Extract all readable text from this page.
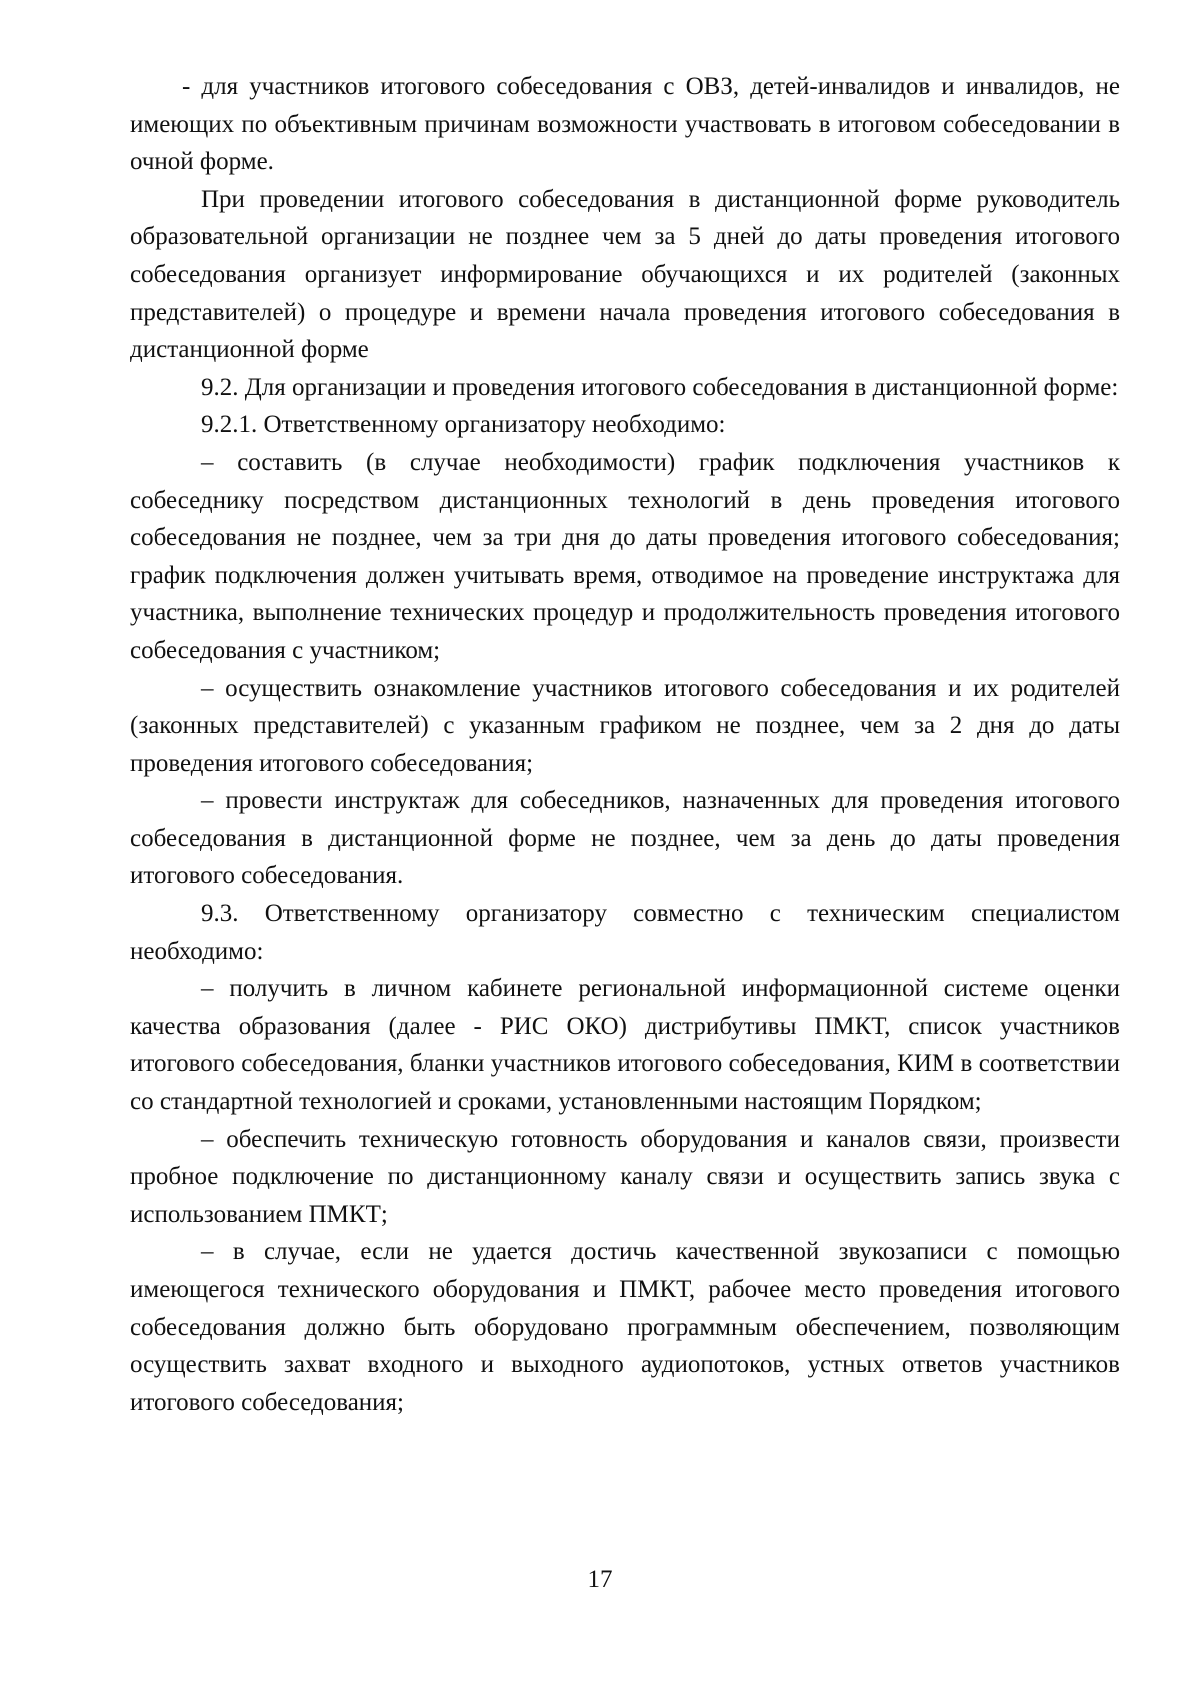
- для участников итогового собеседования с ОВЗ, детей-инвалидов и инвалидов, не имеющих по объективным причинам возможности участвовать в итоговом собеседовании в очной форме.

При проведении итогового собеседования в дистанционной форме руководитель образовательной организации не позднее чем за 5 дней до даты проведения итогового собеседования организует информирование обучающихся и их родителей (законных представителей) о процедуре и времени начала проведения итогового собеседования в дистанционной форме

9.2. Для организации и проведения итогового собеседования в дистанционной форме:

9.2.1. Ответственному организатору необходимо:

– составить (в случае необходимости) график подключения участников к собеседнику посредством дистанционных технологий в день проведения итогового собеседования не позднее, чем за три дня до даты проведения итогового собеседования; график подключения должен учитывать время, отводимое на проведение инструктажа для участника, выполнение технических процедур и продолжительность проведения итогового собеседования с участником;

– осуществить ознакомление участников итогового собеседования и их родителей (законных представителей) с указанным графиком не позднее, чем за 2 дня до даты проведения итогового собеседования;

– провести инструктаж для собеседников, назначенных для проведения итогового собеседования в дистанционной форме не позднее, чем за день до даты проведения итогового собеседования.

9.3. Ответственному организатору совместно с техническим специалистом необходимо:

– получить в личном кабинете региональной информационной системе оценки качества образования (далее - РИС ОКО) дистрибутивы ПМКТ, список участников итогового собеседования, бланки участников итогового собеседования, КИМ в соответствии со стандартной технологией и сроками, установленными настоящим Порядком;

– обеспечить техническую готовность оборудования и каналов связи, произвести пробное подключение по дистанционному каналу связи и осуществить запись звука с использованием ПМКТ;

– в случае, если не удается достичь качественной звукозаписи с помощью имеющегося технического оборудования и ПМКТ, рабочее место проведения итогового собеседования должно быть оборудовано программным обеспечением, позволяющим осуществить захват входного и выходного аудиопотоков, устных ответов участников итогового собеседования;

17
